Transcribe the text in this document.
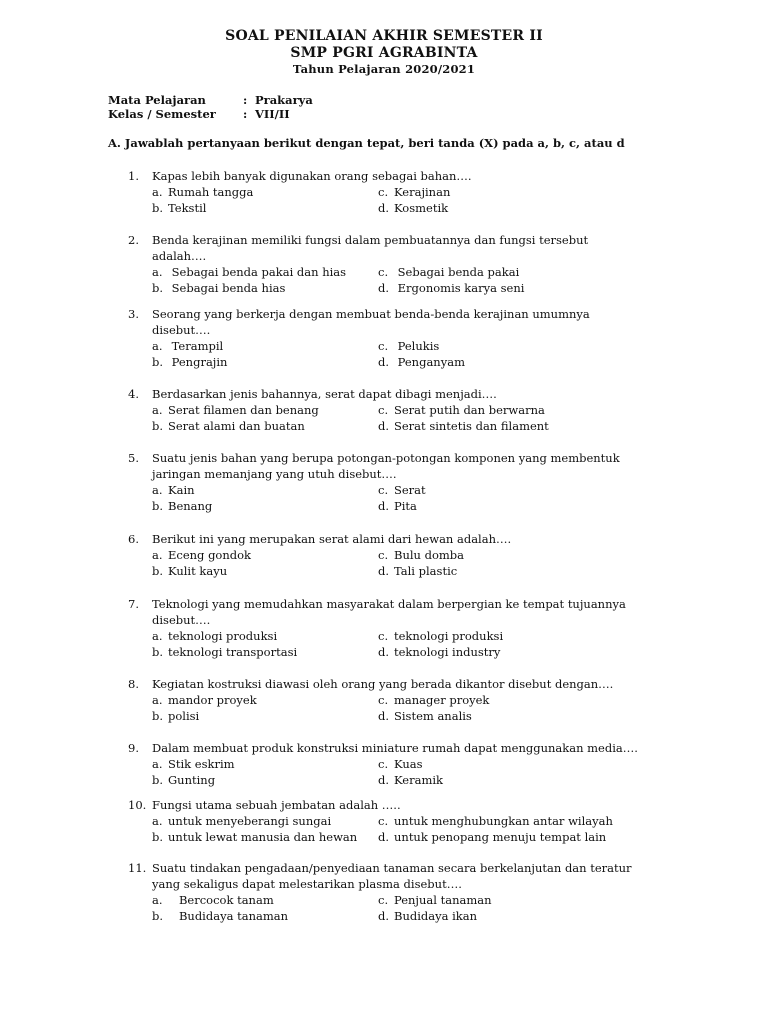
SOAL PENILAIAN AKHIR SEMESTER II
SMP PGRI AGRABINTA
Tahun Pelajaran 2020/2021
Mata Pelajaran	: Prakarya
Kelas / Semester : VII/II
A. Jawablah pertanyaan berikut dengan tepat, beri tanda (X) pada a, b, c, atau d
1.	Kapas lebih banyak digunakan orang sebagai bahan….
a. Rumah tangga	c. Kerajinan
b. Tekstil	d. Kosmetik
2.	Benda kerajinan memiliki fungsi dalam pembuatannya dan fungsi tersebut
adalah….
a. Sebagai benda pakai dan hias	c. Sebagai benda pakai
b. Sebagai benda hias	d. Ergonomis karya seni
3.	Seorang yang berkerja dengan membuat benda-benda kerajinan umumnya
disebut….
a. Terampil	c. Pelukis
b. Pengrajin	d. Penganyam
4.	Berdasarkan jenis bahannya, serat dapat dibagi menjadi….
a. Serat filamen dan benang	c. Serat putih dan berwarna
b. Serat alami dan buatan	d. Serat sintetis dan filament
5.	Suatu jenis bahan yang berupa potongan-potongan komponen yang membentuk
jaringan memanjang yang utuh disebut….
a. Kain	c. Serat
b. Benang	d. Pita
6.	Berikut ini yang merupakan serat alami dari hewan adalah….
a. Eceng gondok	c. Bulu domba
b. Kulit kayu	d. Tali plastic
7.	Teknologi yang memudahkan masyarakat dalam berpergian ke tempat tujuannya
disebut….
a. teknologi produksi	c. teknologi produksi
b. teknologi transportasi	d. teknologi industry
8.	Kegiatan kostruksi diawasi oleh orang yang berada dikantor disebut dengan….
a. mandor proyek	c. manager proyek
b. polisi	d. Sistem analis
9.	Dalam membuat produk konstruksi miniature rumah dapat menggunakan media….
a. Stik eskrim	c. Kuas
b. Gunting	d. Keramik
10. Fungsi utama sebuah jembatan adalah …..
a. untuk menyeberangi sungai	c. untuk menghubungkan antar wilayah
b. untuk lewat manusia dan hewan d. untuk penopang menuju tempat lain
11. Suatu tindakan pengadaan/penyediaan tanaman secara berkelanjutan dan teratur
yang sekaligus dapat melestarikan plasma disebut….
a.   Bercocok tanam	c. Penjual tanaman
b.   Budidaya tanaman	d. Budidaya ikan
